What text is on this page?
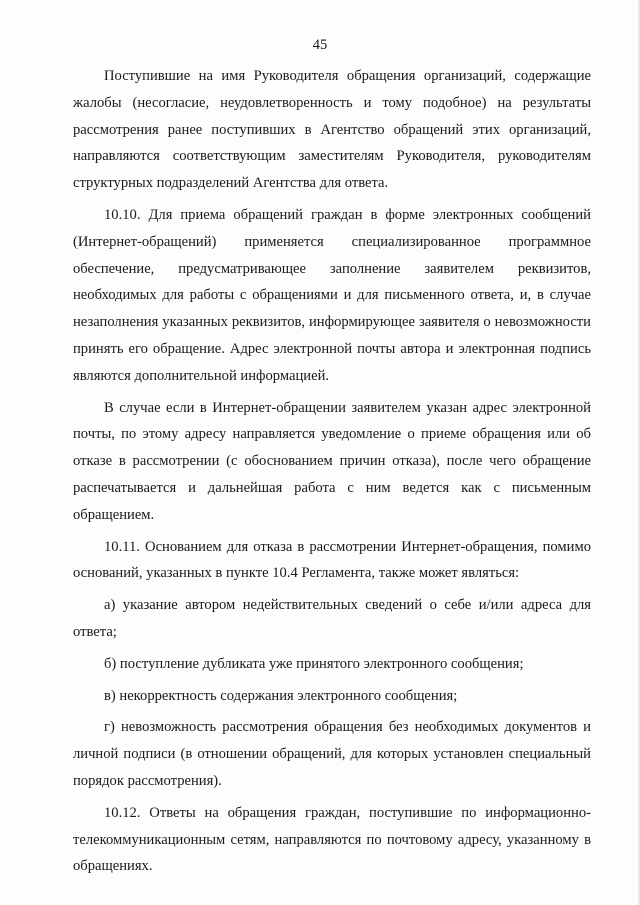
45

Поступившие на имя Руководителя обращения организаций, содержащие жалобы (несогласие, неудовлетворенность и тому подобное) на результаты рассмотрения ранее поступивших в Агентство обращений этих организаций, направляются соответствующим заместителям Руководителя, руководителям структурных подразделений Агентства для ответа.

10.10. Для приема обращений граждан в форме электронных сообщений (Интернет-обращений) применяется специализированное программное обеспечение, предусматривающее заполнение заявителем реквизитов, необходимых для работы с обращениями и для письменного ответа, и, в случае незаполнения указанных реквизитов, информирующее заявителя о невозможности принять его обращение. Адрес электронной почты автора и электронная подпись являются дополнительной информацией.

В случае если в Интернет-обращении заявителем указан адрес электронной почты, по этому адресу направляется уведомление о приеме обращения или об отказе в рассмотрении (с обоснованием причин отказа), после чего обращение распечатывается и дальнейшая работа с ним ведется как с письменным обращением.

10.11. Основанием для отказа в рассмотрении Интернет-обращения, помимо оснований, указанных в пункте 10.4 Регламента, также может являться:

а) указание автором недействительных сведений о себе и/или адреса для ответа;

б) поступление дубликата уже принятого электронного сообщения;

в) некорректность содержания электронного сообщения;

г) невозможность рассмотрения обращения без необходимых документов и личной подписи (в отношении обращений, для которых установлен специальный порядок рассмотрения).

10.12. Ответы на обращения граждан, поступившие по информационно-телекоммуникационным сетям, направляются по почтовому адресу, указанному в обращениях.
